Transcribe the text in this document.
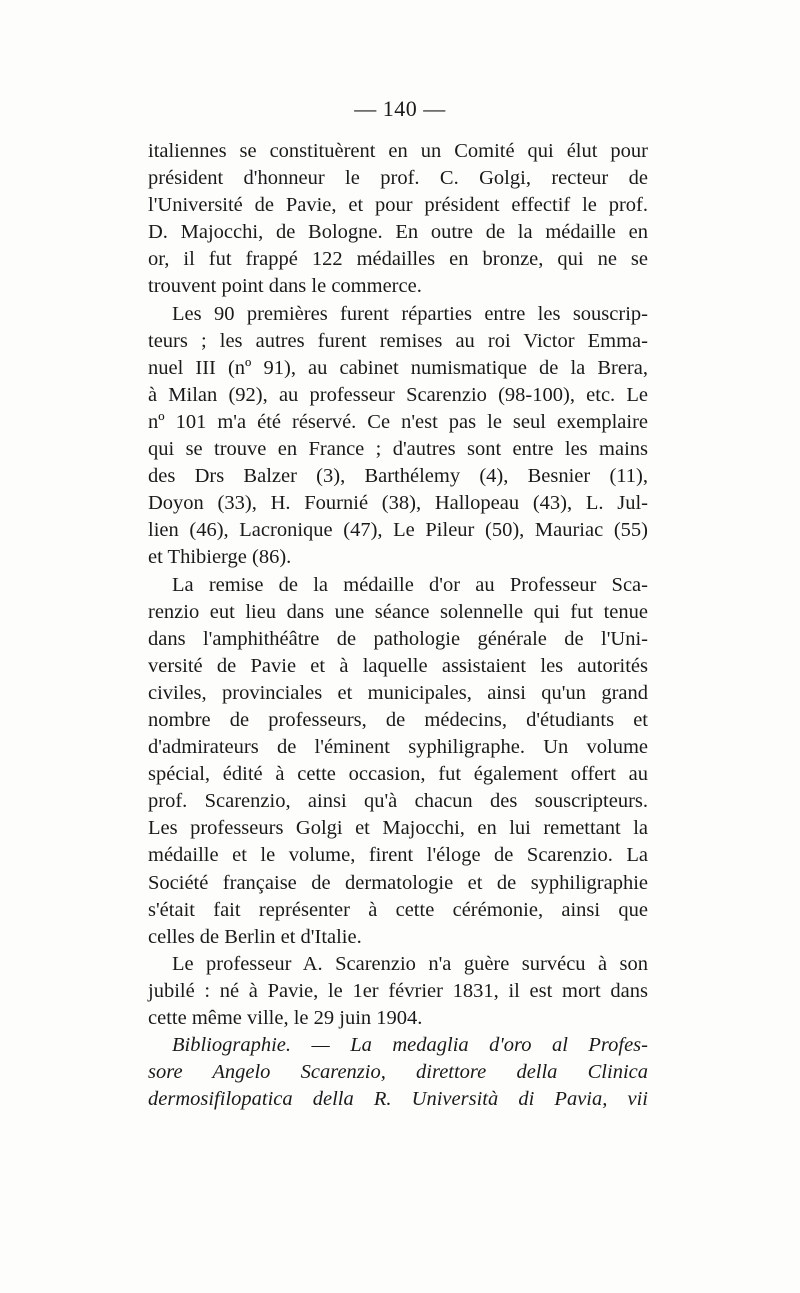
— 140 —
italiennes se constituèrent en un Comité qui élut pour
président d'honneur le prof. C. Golgi, recteur de
l'Université de Pavie, et pour président effectif le prof.
D. Majocchi, de Bologne. En outre de la médaille en
or, il fut frappé 122 médailles en bronze, qui ne se
trouvent point dans le commerce.
Les 90 premières furent réparties entre les souscrip-
teurs ; les autres furent remises au roi Victor Emma-
nuel III (nº 91), au cabinet numismatique de la Brera,
à Milan (92), au professeur Scarenzio (98-100), etc. Le
nº 101 m'a été réservé. Ce n'est pas le seul exemplaire
qui se trouve en France ; d'autres sont entre les mains
des Drs Balzer (3), Barthélemy (4), Besnier (11),
Doyon (33), H. Fournié (38), Hallopeau (43), L. Jul-
lien (46), Lacronique (47), Le Pileur (50), Mauriac (55)
et Thibierge (86).
La remise de la médaille d'or au Professeur Sca-
renzio eut lieu dans une séance solennelle qui fut tenue
dans l'amphithéâtre de pathologie générale de l'Uni-
versité de Pavie et à laquelle assistaient les autorités
civiles, provinciales et municipales, ainsi qu'un grand
nombre de professeurs, de médecins, d'étudiants et
d'admirateurs de l'éminent syphiligraphe. Un volume
spécial, édité à cette occasion, fut également offert au
prof. Scarenzio, ainsi qu'à chacun des souscripteurs.
Les professeurs Golgi et Majocchi, en lui remettant la
médaille et le volume, firent l'éloge de Scarenzio. La
Société française de dermatologie et de syphiligraphie
s'était fait représenter à cette cérémonie, ainsi que
celles de Berlin et d'Italie.
Le professeur A. Scarenzio n'a guère survécu à son
jubilé : né à Pavie, le 1er février 1831, il est mort dans
cette même ville, le 29 juin 1904.
Bibliographie. — La medaglia d'oro al Profes-
sore Angelo Scarenzio, direttore della Clinica
dermosifilopatica della R. Università di Pavia, vii
